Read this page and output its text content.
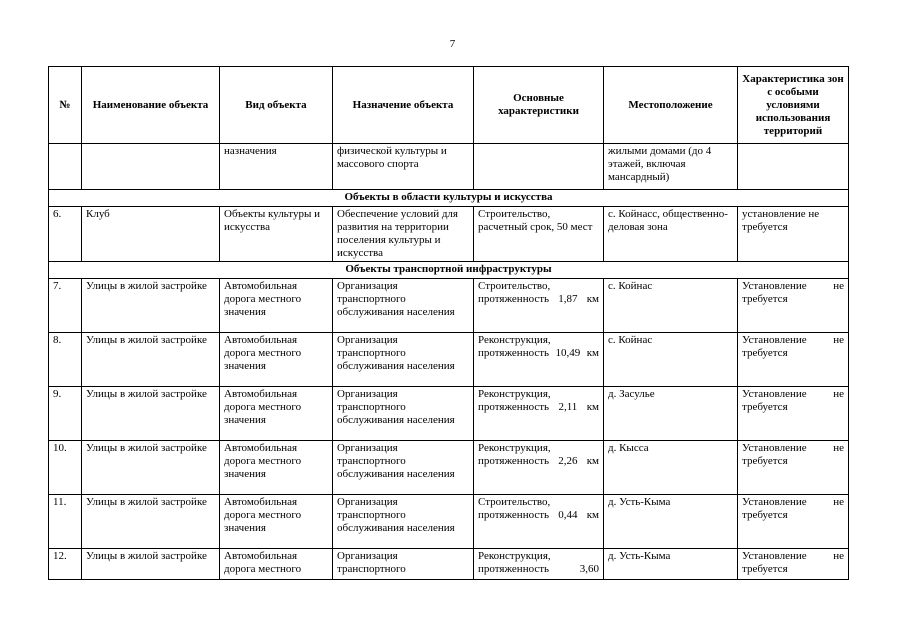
7
№	Наименование объекта	Вид объекта	Назначение объекта	Основные характеристики	Местоположение	Характеристика зон с особыми условиями использования территорий
		назначения	физической культуры и массового спорта		жилыми домами (до 4 этажей, включая мансардный)	
Объекты в области культуры и искусства						
6.	Клуб	Объекты культуры и искусства	Обеспечение условий для развития на территории поселения культуры и искусства	Строительство, расчетный срок, 50 мест	с. Койнасс, общественно-деловая зона	установление не требуется
Объекты транспортной инфраструктуры						
7.	Улицы в жилой застройке	Автомобильная дорога местного значения	Организация транспортного обслуживания населения	Строительство, протяженность 1,87 км	с. Койнас	Установление не требуется
8.	Улицы в жилой застройке	Автомобильная дорога местного значения	Организация транспортного обслуживания населения	Реконструкция, протяженность 10,49 км	с. Койнас	Установление не требуется
9.	Улицы в жилой застройке	Автомобильная дорога местного значения	Организация транспортного обслуживания населения	Реконструкция, протяженность 2,11 км	д. Засулье	Установление не требуется
10.	Улицы в жилой застройке	Автомобильная дорога местного значения	Организация транспортного обслуживания населения	Реконструкция, протяженность 2,26 км	д. Кысса	Установление не требуется
11.	Улицы в жилой застройке	Автомобильная дорога местного значения	Организация транспортного обслуживания населения	Строительство, протяженность 0,44 км	д. Усть-Кыма	Установление не требуется
12.	Улицы в жилой застройке	Автомобильная дорога местного	Организация транспортного	Реконструкция, протяженность 3,60	д. Усть-Кыма	Установление не требуется
